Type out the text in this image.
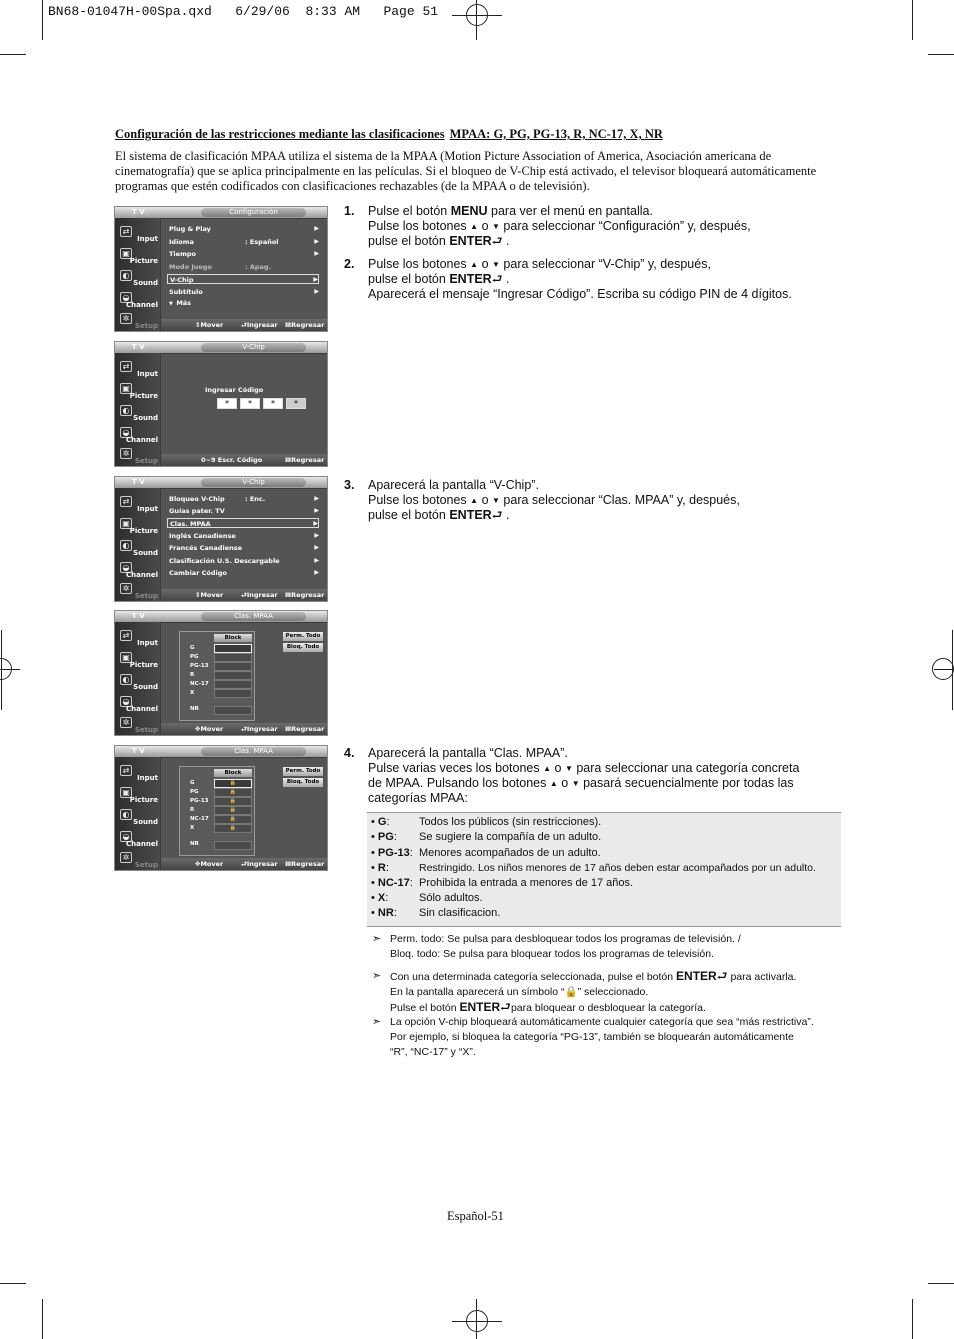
BN68-01047H-00Spa.qxd   6/29/06  8:33 AM   Page 51
Configuración de las restricciones mediante las clasificaciones MPAA: G, PG, PG-13, R, NC-17, X, NR
El sistema de clasificación MPAA utiliza el sistema de la MPAA (Motion Picture Association of America, Asociación americana de cinematografía) que se aplica principalmente en las películas. Si el bloqueo de V-Chip está activado, el televisor bloqueará automáticamente programas que estén codificados con clasificaciones rechazables (de la MPAA o de televisión).
T V	Configuración
⇄
Input
▣
Picture
◐
Sound
◒
Channel
✲
Setup
Plug & Play	▶
Idioma	: Español	▶
Tiempo	▶
Modo Juego	: Apag.
V-Chip	▶
Subtítulo	▶
▼  Más
⇕Mover	⮐Ingresar ⅢRegresar
T V	V-Chip
⇄
Input
▣
Picture
◐
Sound
◒
Channel
✲
Setup
Ingresar Código
*	*	*	*
0~9 Escr. Código	ⅢRegresar
T V	V-Chip
⇄
Input
▣
Picture
◐
Sound
◒
Channel
✲
Setup
Bloqueo V-Chip	: Enc.	▶
Guías pater. TV	▶
Clas. MPAA	▶
Inglés Canadiense	▶
Francés Canadiense	▶
Clasificación U.S. Descargable	▶
Cambiar Código	▶
⇕Mover	⮐Ingresar ⅢRegresar
T V	Clas. MPAA
⇄
Input
▣
Picture
◐
Sound
◒
Channel
✲
Setup
Block
G
PG
PG-13
R
NC-17
X
NR
Perm. Todo
Bloq. Todo
✥Mover	⮐Ingresar ⅢRegresar
T V	Clas. MPAA
⇄
Input
▣
Picture
◐
Sound
◒
Channel
✲
Setup
Block
G
PG
PG-13
R
NC-17
X
NR
🔒
🔒
🔒
🔒
🔒
🔒
Perm. Todo
Bloq. Todo
✥Mover	⮐Ingresar ⅢRegresar
1. Pulse el botón MENU para ver el menú en pantalla.

Pulse los botones ▲ o ▼ para seleccionar “Configuración” y, después,

pulse el botón ENTER⮐ .

2. Pulse los botones ▲ o ▼ para seleccionar “V-Chip” y, después,

pulse el botón ENTER⮐ .

Aparecerá el mensaje “Ingresar Código”. Escriba su código PIN de 4 dígitos.

3. Aparecerá la pantalla “V-Chip”.

Pulse los botones ▲ o ▼ para seleccionar “Clas. MPAA” y, después,

pulse el botón ENTER⮐ .

4. Aparecerá la pantalla “Clas. MPAA”.

Pulse varias veces los botones ▲ o ▼ para seleccionar una categoría concreta

de MPAA. Pulsando los botones ▲ o ▼ pasará secuencialmente por todas las

categorías MPAA:

• G:	Todos los públicos (sin restricciones).
• PG: Se sugiere la compañía de un adulto.
• PG-13: Menores acompañados de un adulto.
• R:	Restringido. Los niños menores de 17 años deben estar acompañados por un adulto.
• NC-17: Prohibida la entrada a menores de 17 años.
• X:	Sólo adultos.
• NR: Sin clasificacion.
➣ Perm. todo: Se pulsa para desbloquear todos los programas de televisión. /

Bloq. todo: Se pulsa para bloquear todos los programas de televisión.

➣ Con una determinada categoría seleccionada, pulse el botón ENTER⮐ para activarla.

En la pantalla aparecerá un símbolo “🔒” seleccionado.

Pulse el botón ENTER⮐para bloquear o desbloquear la categoría.

➣ La opción V-chip bloqueará automáticamente cualquier categoría que sea “más restrictiva”.

Por ejemplo, si bloquea la categoría “PG-13”, también se bloquearán automáticamente

“R”, “NC-17” y “X”.

Español-51
